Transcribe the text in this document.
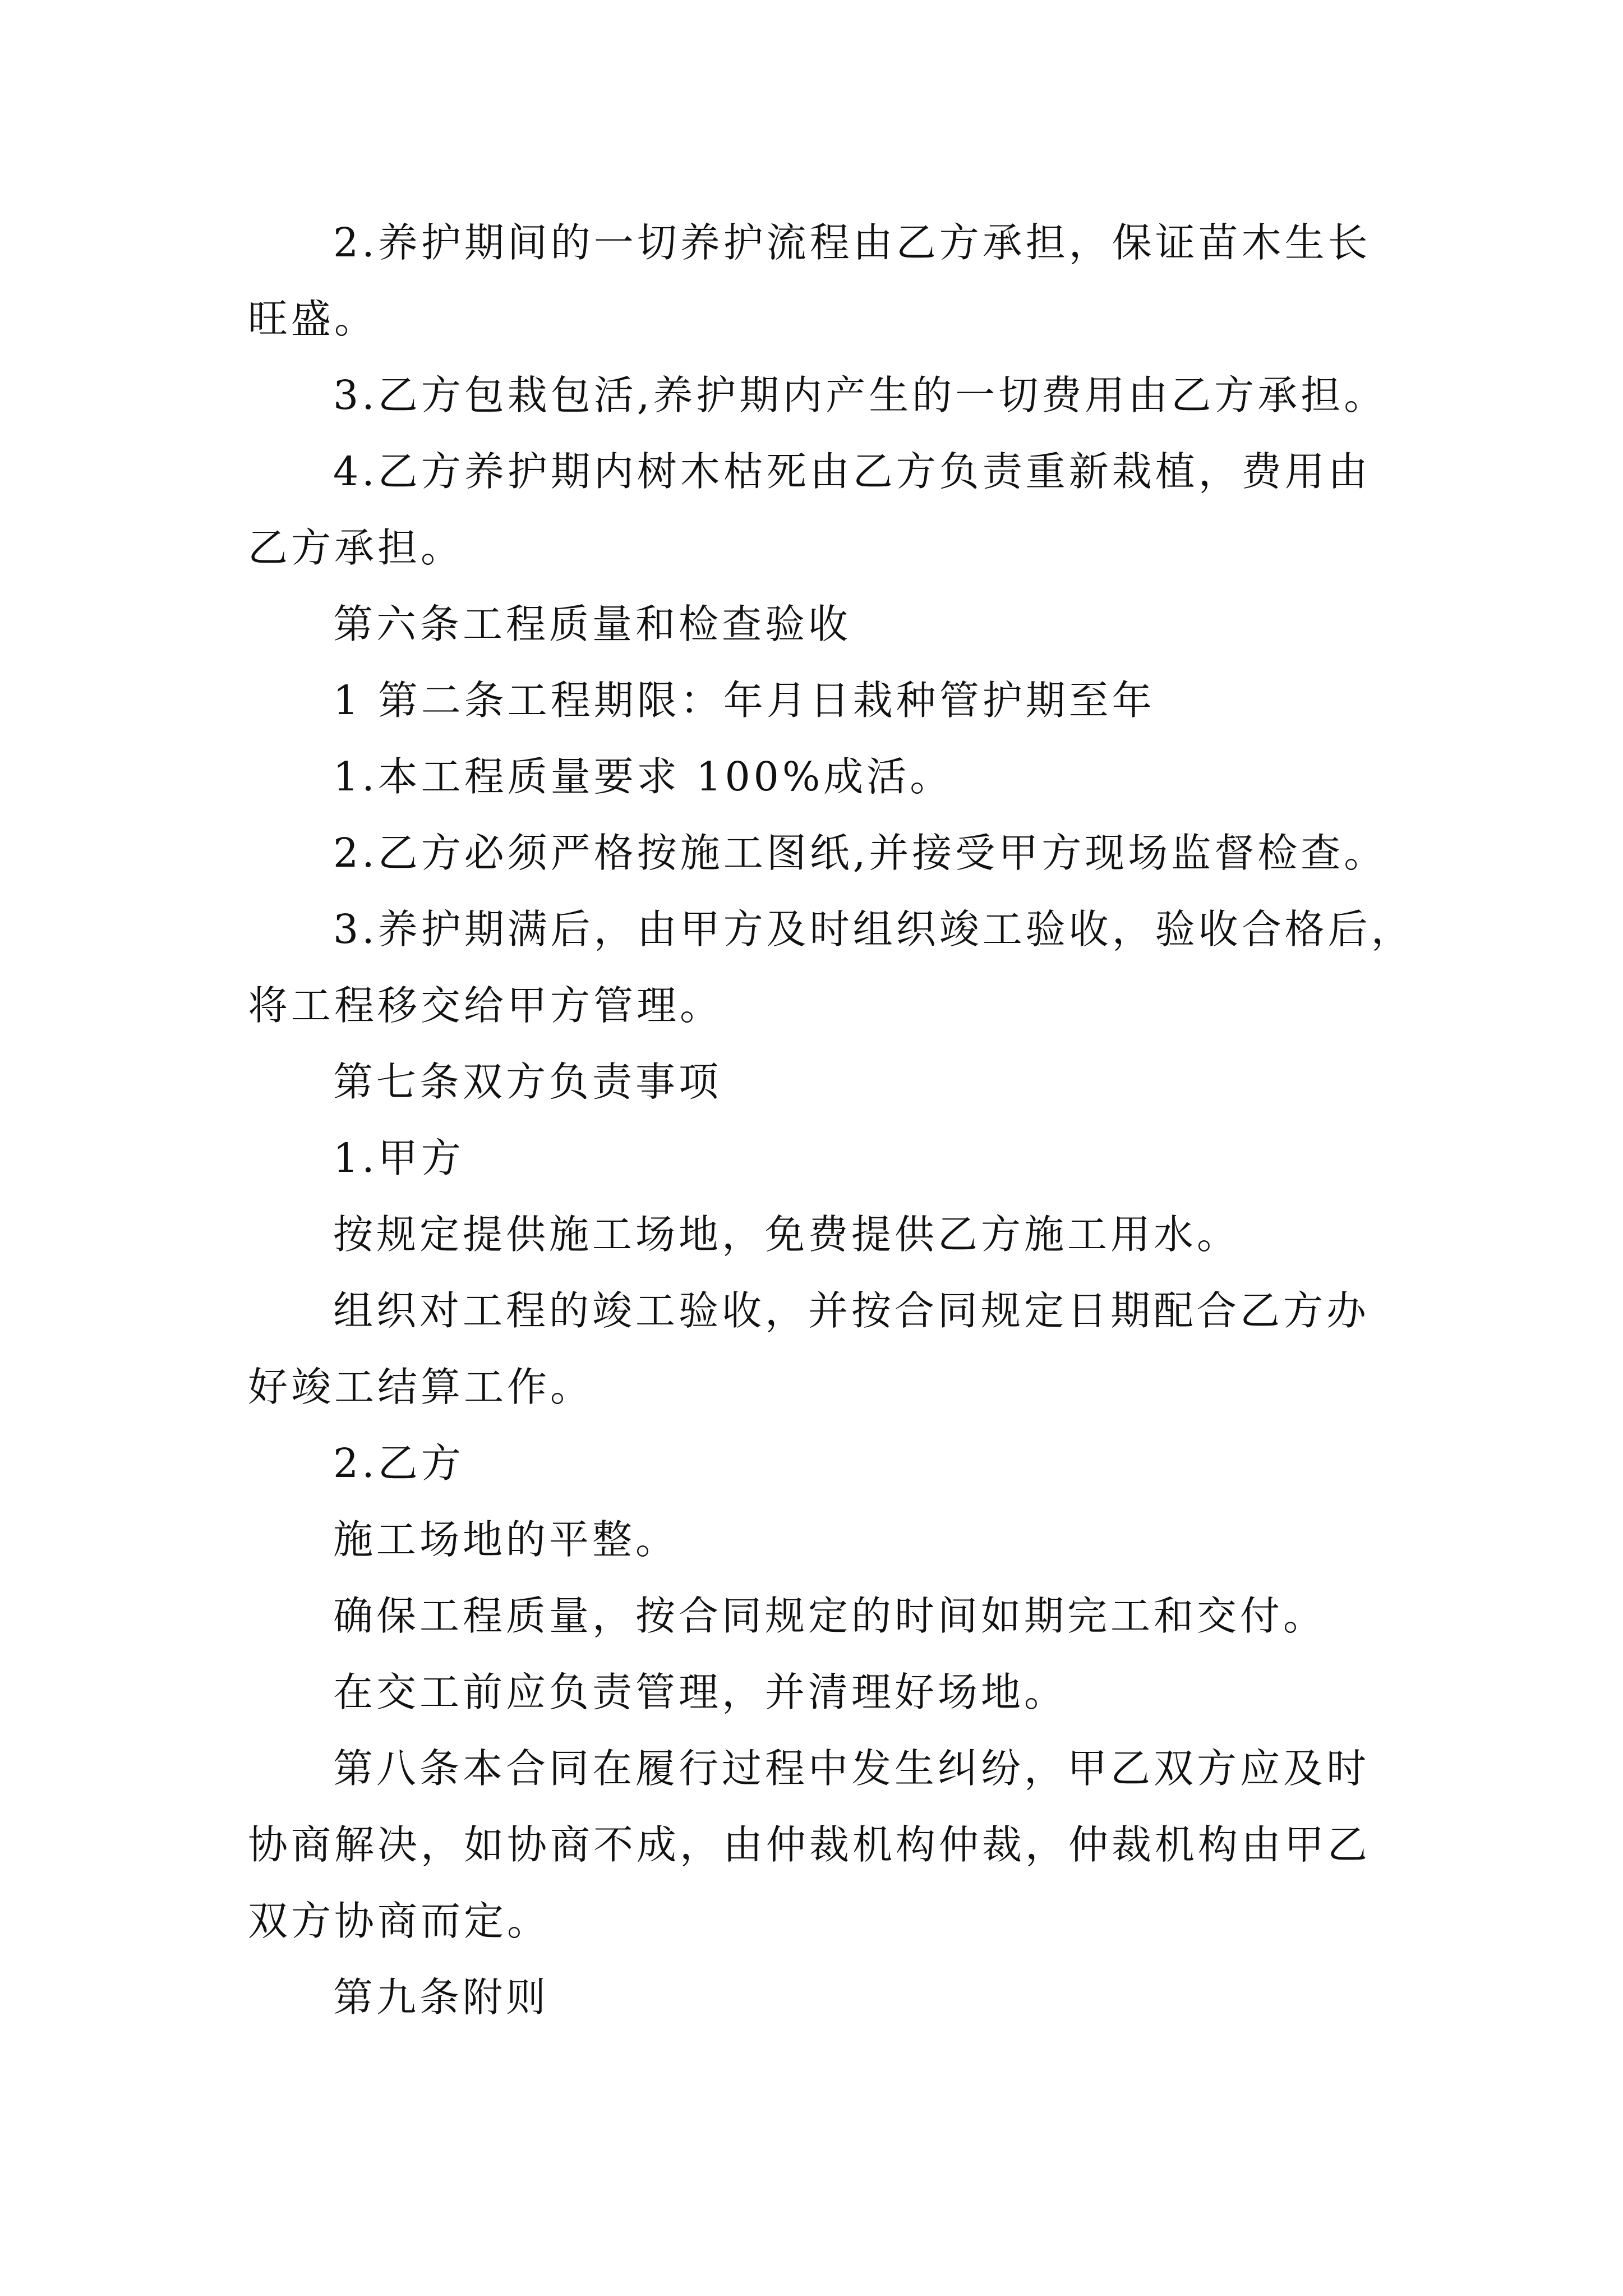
2.养护期间的一切养护流程由乙方承担，保证苗木生长
旺盛。
3.乙方包栽包活,养护期内产生的一切费用由乙方承担。
4.乙方养护期内树木枯死由乙方负责重新栽植，费用由
乙方承担。
第六条工程质量和检查验收
1 第二条工程期限：年月日栽种管护期至年
1.本工程质量要求 100%成活。
2.乙方必须严格按施工图纸,并接受甲方现场监督检查。
3.养护期满后，由甲方及时组织竣工验收，验收合格后，
将工程移交给甲方管理。
第七条双方负责事项
1.甲方
按规定提供施工场地，免费提供乙方施工用水。
组织对工程的竣工验收，并按合同规定日期配合乙方办
好竣工结算工作。
2.乙方
施工场地的平整。
确保工程质量，按合同规定的时间如期完工和交付。
在交工前应负责管理，并清理好场地。
第八条本合同在履行过程中发生纠纷，甲乙双方应及时
协商解决，如协商不成，由仲裁机构仲裁，仲裁机构由甲乙
双方协商而定。
第九条附则
